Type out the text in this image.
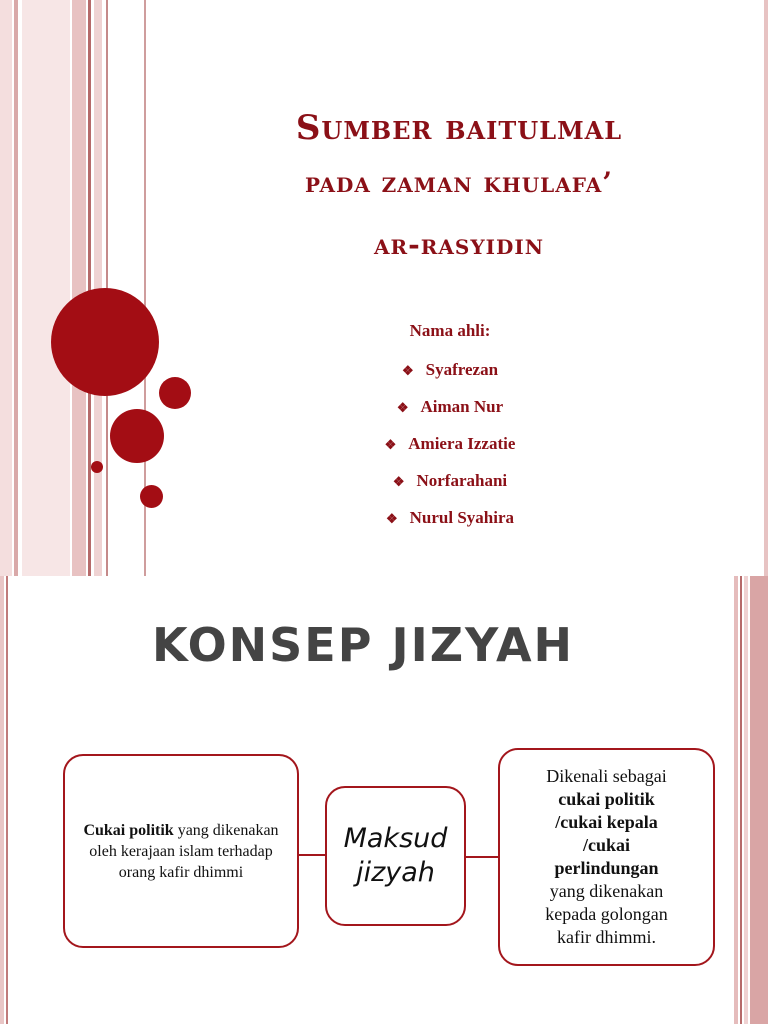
Sumber baitulmal
pada zaman khulafa’
ar-rasyidin
Nama ahli:
❖ Syafrezan
❖ Aiman Nur
❖ Amiera Izzatie
❖ Norfarahani
❖ Nurul Syahira
KONSEP JIZYAH
Cukai politik yang dikenakan oleh kerajaan islam terhadap orang kafir dhimmi
Maksud
jizyah
Dikenali sebagai
cukai politik
/cukai kepala
/cukai
perlindungan
yang dikenakan
kepada golongan
kafir dhimmi.
